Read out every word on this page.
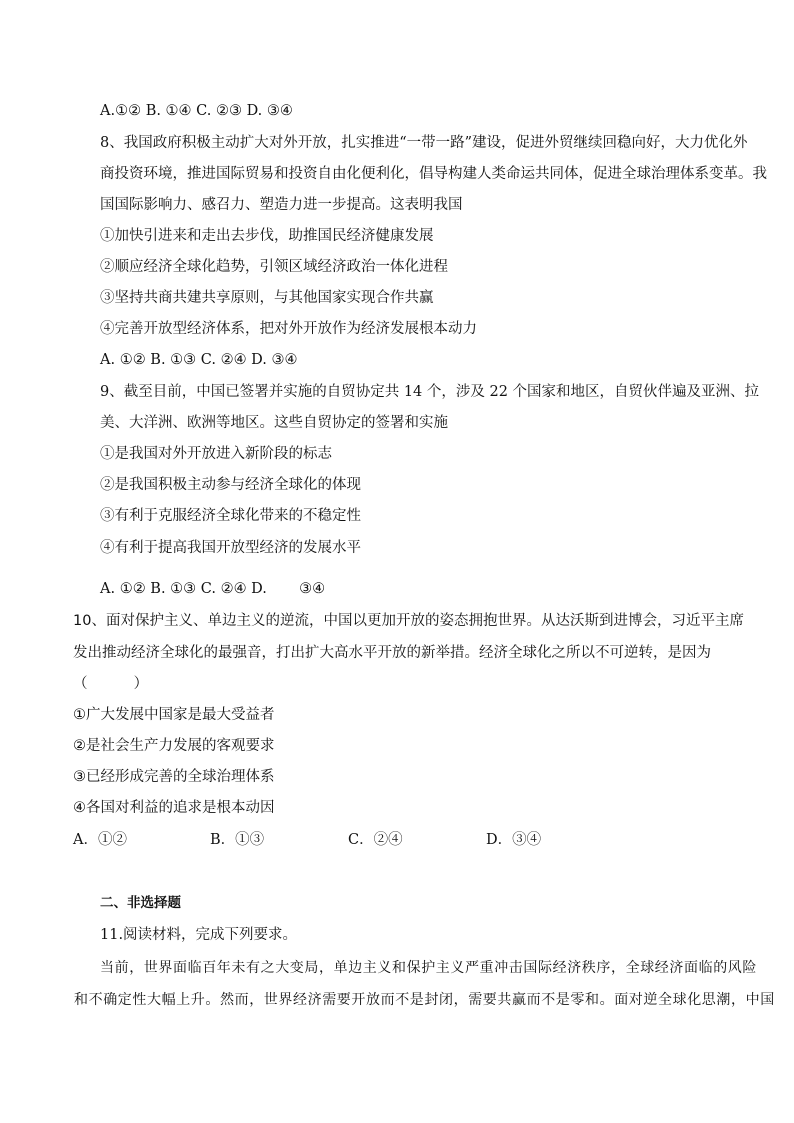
A.①② B. ①④ C. ②③ D. ③④
8、我国政府积极主动扩大对外开放，扎实推进“一带一路”建设，促进外贸继续回稳向好，大力优化外
商投资环境，推进国际贸易和投资自由化便利化，倡导构建人类命运共同体，促进全球治理体系变革。我
国国际影响力、感召力、塑造力进一步提高。这表明我国
①加快引进来和走出去步伐，助推国民经济健康发展
②顺应经济全球化趋势，引领区域经济政治一体化进程
③坚持共商共建共享原则，与其他国家实现合作共赢
④完善开放型经济体系，把对外开放作为经济发展根本动力
A. ①② B. ①③ C. ②④ D. ③④
9、截至目前，中国已签署并实施的自贸协定共 14 个，涉及 22 个国家和地区，自贸伙伴遍及亚洲、拉
美、大洋洲、欧洲等地区。这些自贸协定的签署和实施
①是我国对外开放进入新阶段的标志
②是我国积极主动参与经济全球化的体现
③有利于克服经济全球化带来的不稳定性
④有利于提高我国开放型经济的发展水平
A. ①② B. ①③ C. ②④ D.       ③④
10、面对保护主义、单边主义的逆流，中国以更加开放的姿态拥抱世界。从达沃斯到进博会，习近平主席
发出推动经济全球化的最强音，打出扩大高水平开放的新举措。经济全球化之所以不可逆转，是因为
（          ）
①广大发展中国家是最大受益者
②是社会生产力发展的客观要求
③已经形成完善的全球治理体系
④各国对利益的追求是根本动因
A．①②	B．①③	C．②④	D．③④
二、非选择题
11.阅读材料，完成下列要求。
当前，世界面临百年未有之大变局，单边主义和保护主义严重冲击国际经济秩序，全球经济面临的风险
和不确定性大幅上升。然而，世界经济需要开放而不是封闭，需要共赢而不是零和。面对逆全球化思潮，中国
